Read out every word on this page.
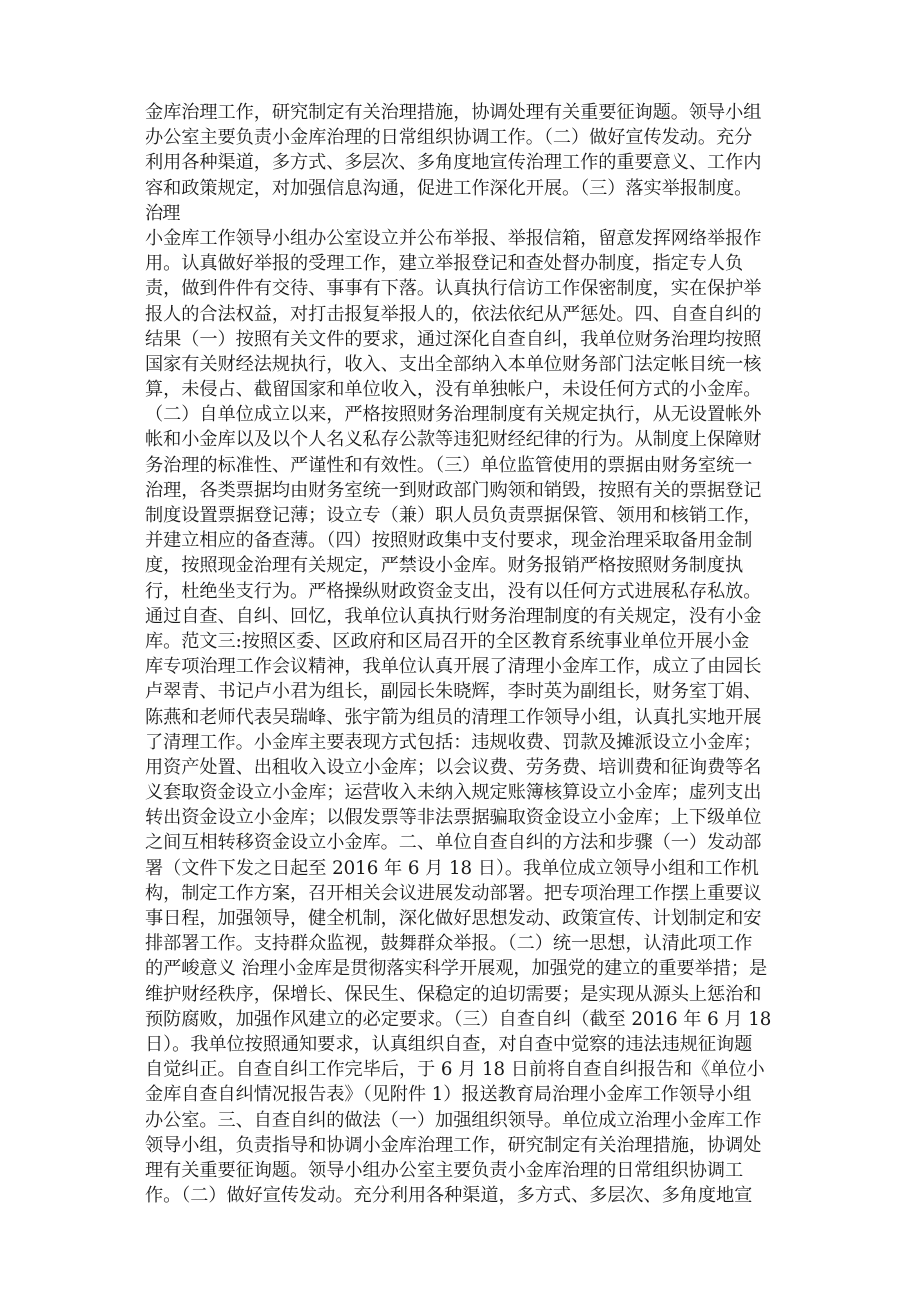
金库治理工作，研究制定有关治理措施，协调处理有关重要征询题。领导小组
办公室主要负责小金库治理的日常组织协调工作。（二）做好宣传发动。充分
利用各种渠道，多方式、多层次、多角度地宣传治理工作的重要意义、工作内
容和政策规定，对加强信息沟通，促进工作深化开展。（三）落实举报制度。
治理
小金库工作领导小组办公室设立并公布举报、举报信箱，留意发挥网络举报作
用。认真做好举报的受理工作，建立举报登记和查处督办制度，指定专人负
责，做到件件有交待、事事有下落。认真执行信访工作保密制度，实在保护举
报人的合法权益，对打击报复举报人的，依法依纪从严惩处。四、自查自纠的
结果（一）按照有关文件的要求，通过深化自查自纠，我单位财务治理均按照
国家有关财经法规执行，收入、支出全部纳入本单位财务部门法定帐目统一核
算，未侵占、截留国家和单位收入，没有单独帐户，未设任何方式的小金库。
（二）自单位成立以来，严格按照财务治理制度有关规定执行，从无设置帐外
帐和小金库以及以个人名义私存公款等违犯财经纪律的行为。从制度上保障财
务治理的标准性、严谨性和有效性。（三）单位监管使用的票据由财务室统一
治理，各类票据均由财务室统一到财政部门购领和销毁，按照有关的票据登记
制度设置票据登记薄；设立专（兼）职人员负责票据保管、领用和核销工作，
并建立相应的备查薄。（四）按照财政集中支付要求，现金治理采取备用金制
度，按照现金治理有关规定，严禁设小金库。财务报销严格按照财务制度执
行，杜绝坐支行为。严格操纵财政资金支出，没有以任何方式进展私存私放。
通过自查、自纠、回忆，我单位认真执行财务治理制度的有关规定，没有小金
库。范文三:按照区委、区政府和区局召开的全区教育系统事业单位开展小金
库专项治理工作会议精神，我单位认真开展了清理小金库工作，成立了由园长
卢翠青、书记卢小君为组长，副园长朱晓辉，李时英为副组长，财务室丁娟、
陈燕和老师代表吴瑞峰、张宇箭为组员的清理工作领导小组，认真扎实地开展
了清理工作。小金库主要表现方式包括：违规收费、罚款及摊派设立小金库；
用资产处置、出租收入设立小金库；以会议费、劳务费、培训费和征询费等名
义套取资金设立小金库；运营收入未纳入规定账簿核算设立小金库；虚列支出
转出资金设立小金库；以假发票等非法票据骗取资金设立小金库；上下级单位
之间互相转移资金设立小金库。二、单位自查自纠的方法和步骤（一）发动部
署（文件下发之日起至 2016 年 6 月 18 日）。我单位成立领导小组和工作机
构，制定工作方案，召开相关会议进展发动部署。把专项治理工作摆上重要议
事日程，加强领导，健全机制，深化做好思想发动、政策宣传、计划制定和安
排部署工作。支持群众监视，鼓舞群众举报。（二）统一思想，认清此项工作
的严峻意义 治理小金库是贯彻落实科学开展观，加强党的建立的重要举措；是
维护财经秩序，保增长、保民生、保稳定的迫切需要；是实现从源头上惩治和
预防腐败，加强作风建立的必定要求。（三）自查自纠（截至 2016 年 6 月 18
日）。我单位按照通知要求，认真组织自查，对自查中觉察的违法违规征询题
自觉纠正。自查自纠工作完毕后，于 6 月 18 日前将自查自纠报告和《单位小
金库自查自纠情况报告表》（见附件 1）报送教育局治理小金库工作领导小组
办公室。三、自查自纠的做法（一）加强组织领导。单位成立治理小金库工作
领导小组，负责指导和协调小金库治理工作，研究制定有关治理措施，协调处
理有关重要征询题。领导小组办公室主要负责小金库治理的日常组织协调工
作。（二）做好宣传发动。充分利用各种渠道，多方式、多层次、多角度地宣
